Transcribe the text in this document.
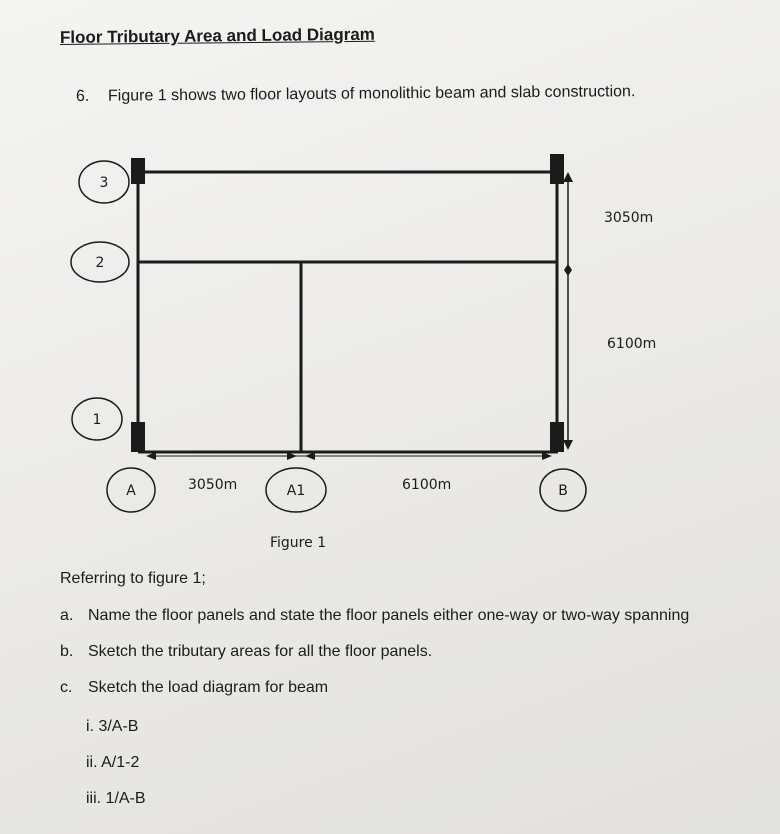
Floor Tributary Area and Load Diagram

6. Figure 1 shows two floor layouts of monolithic beam and slab construction.

3050m
6100m
3
2
1
A	A1	B
3050m	6100m
Figure 1

Referring to figure 1;

a. Name the floor panels and state the floor panels either one-way or two-way spanning
b. Sketch the tributary areas for all the floor panels.
c. Sketch the load diagram for beam

i. 3/A-B

ii. A/1-2

iii. 1/A-B
